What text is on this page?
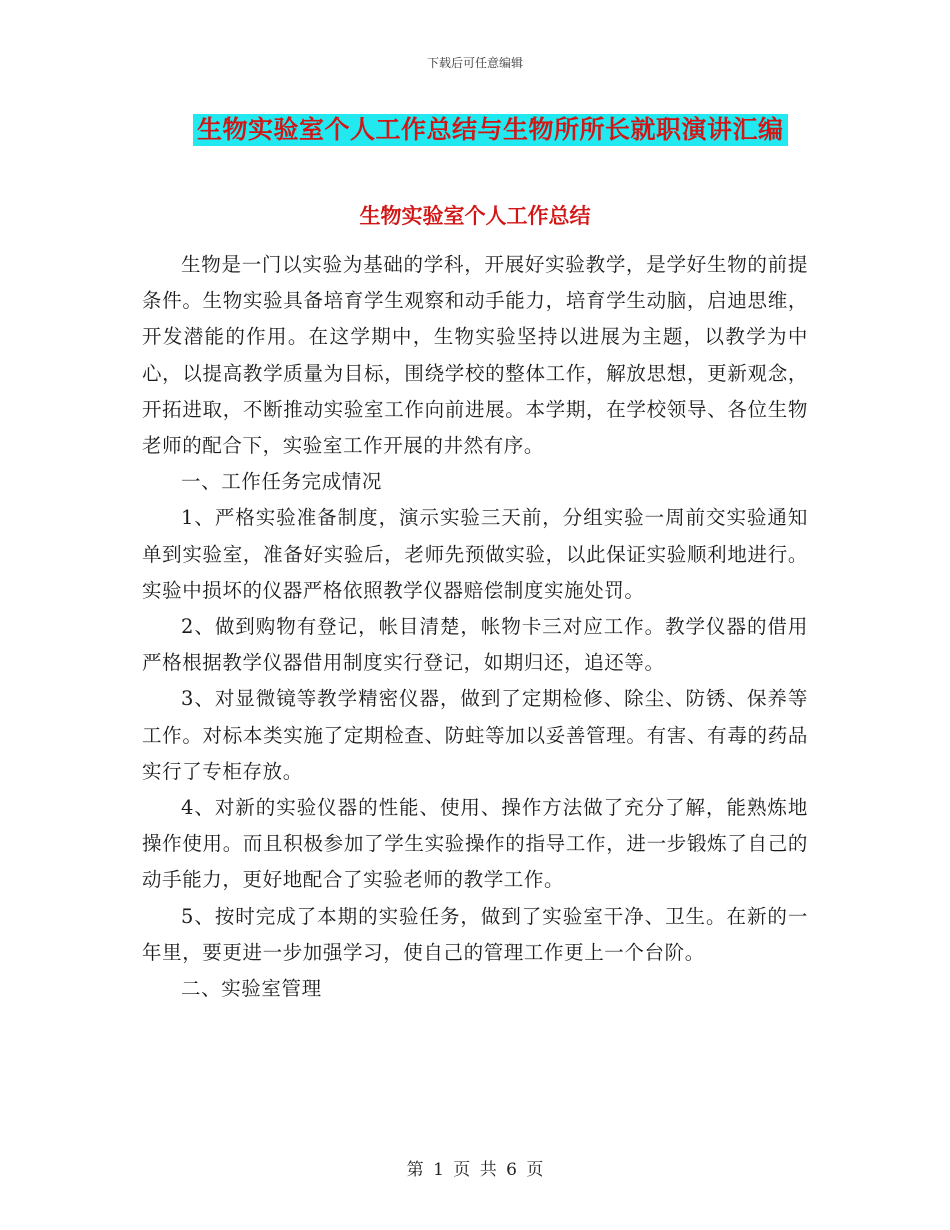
下载后可任意编辑
生物实验室个人工作总结与生物所所长就职演讲汇编
生物实验室个人工作总结

生物是一门以实验为基础的学科，开展好实验教学，是学好生物的前提条件。生物实验具备培育学生观察和动手能力，培育学生动脑，启迪思维，开发潜能的作用。在这学期中，生物实验坚持以进展为主题，以教学为中心，以提高教学质量为目标，围绕学校的整体工作，解放思想，更新观念，开拓进取，不断推动实验室工作向前进展。本学期，在学校领导、各位生物老师的配合下，实验室工作开展的井然有序。

一、工作任务完成情况

1、严格实验准备制度，演示实验三天前，分组实验一周前交实验通知单到实验室，准备好实验后，老师先预做实验，以此保证实验顺利地进行。实验中损坏的仪器严格依照教学仪器赔偿制度实施处罚。

2、做到购物有登记，帐目清楚，帐物卡三对应工作。教学仪器的借用严格根据教学仪器借用制度实行登记，如期归还，追还等。

3、对显微镜等教学精密仪器，做到了定期检修、除尘、防锈、保养等工作。对标本类实施了定期检查、防蛀等加以妥善管理。有害、有毒的药品实行了专柜存放。

4、对新的实验仪器的性能、使用、操作方法做了充分了解，能熟炼地操作使用。而且积极参加了学生实验操作的指导工作，进一步锻炼了自己的动手能力，更好地配合了实验老师的教学工作。

5、按时完成了本期的实验任务，做到了实验室干净、卫生。在新的一年里，要更进一步加强学习，使自己的管理工作更上一个台阶。

二、实验室管理

第 1 页 共 6 页
